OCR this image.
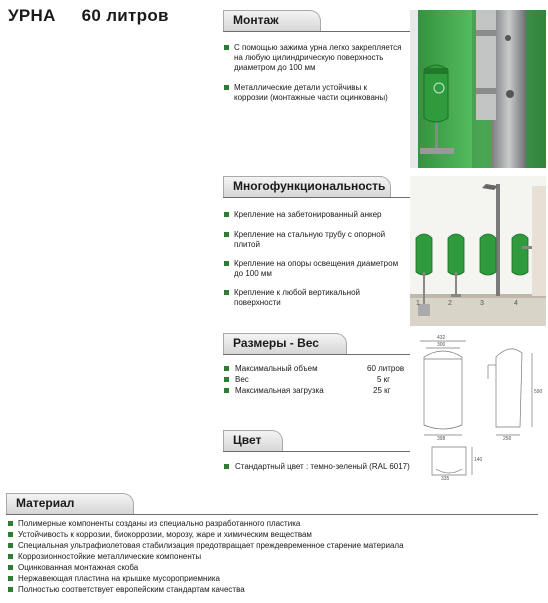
УРНА 60 литров	Монтаж
С помощью зажима урна легко закрепляется на любую цилиндрическую поверхность диаметром до 100 мм
Металлические детали устойчивы к коррозии (монтажные части оцинкованы)
Многофункциональность
Крепление на забетонированный анкер
Крепление на стальную трубу с опорной плитой
Крепление на опоры освещения диаметром до 100 мм
Крепление к любой вертикальной поверхности	1	2	3	4
Размеры - Вес
Максимальный объем	60 литров
Вес	5 кг
Максимальная загрузка	25 кг
432
300
398
590
256
140
335
Цвет
Стандартный цвет : темно-зеленый (RAL 6017)
Материал
Полимерные компоненты созданы из специально разработанного пластика
Устойчивость к коррозии, биокоррозии, морозу, жаре и химическим веществам
Специальная ультрафиолетовая стабилизация предотвращает преждевременное старение материала
Коррозионностойкие металлические компоненты
Оцинкованная монтажная скоба
Нержавеющая пластина на крышке мусороприемника
Полностью соответствует европейским стандартам качества
